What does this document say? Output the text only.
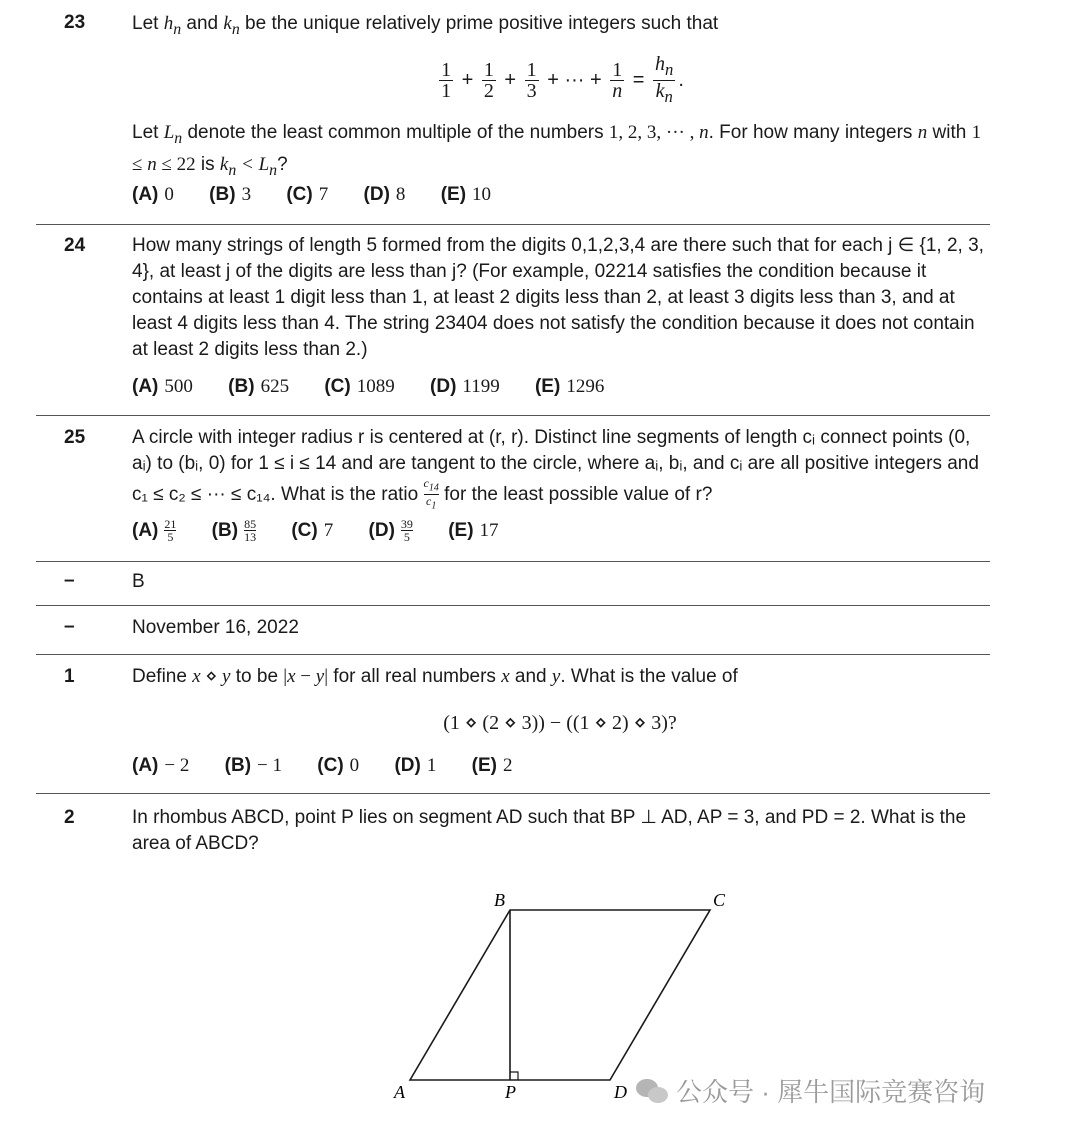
23 Let $h_n$ and $k_n$ be the unique relatively prime positive integers such that
$\frac{1}{1} + \frac{1}{2} + \frac{1}{3}$ + ··· + $\frac{1}{n} = \frac{h_n}{k_n}$ .
Let $L_n$ denote the least common multiple of the numbers 1, 2, 3, ··· , n. For how many integers n with 1 ≤ n ≤ 22 is $k_n < L_n$?
(A) 0 (B) 3 (C) 7 (D) 8 (E) 10
24 How many strings of length 5 formed from the digits 0,1,2,3,4 are there such that for each j ∈ {1, 2, 3, 4}, at least j of the digits are less than j? (For example, 02214 satisfies the condition because it contains at least 1 digit less than 1, at least 2 digits less than 2, at least 3 digits less than 3, and at least 4 digits less than 4. The string 23404 does not satisfy the condition because it does not contain at least 2 digits less than 2.)
(A) 500 (B) 625 (C) 1089 (D) 1199 (E) 1296
25 A circle with integer radius r is centered at (r, r). Distinct line segments of length cᵢ connect points (0, aᵢ) to (bᵢ, 0) for 1 ≤ i ≤ 14 and are tangent to the circle, where aᵢ, bᵢ, and cᵢ are all positive integers and c₁ ≤ c₂ ≤ ··· ≤ c₁₄. What is the ratio $\frac{c_{14}}{c_1}$ for the least possible value of r?
$(A) \frac{21}{5} (B) \frac{85}{13} (C)$ 7 $(D) \frac{39}{5} (E)$ 17
–	B
–	November 16, 2022
1	Define x ⋄ y to be |x − y| for all real numbers x and y. What is the value of
(1 ⋄ (2 ⋄ 3)) − ((1 ⋄ 2) ⋄ 3)?
(A) − 2 (B) − 1 (C) 0 (D) 1 (E) 2
2	In rhombus ABCD, point P lies on segment AD such that BP ⊥ AD, AP = 3, and PD = 2. What is the area of ABCD?
A
B	C
D
P	公众号 · 犀牛国际竞赛咨询
